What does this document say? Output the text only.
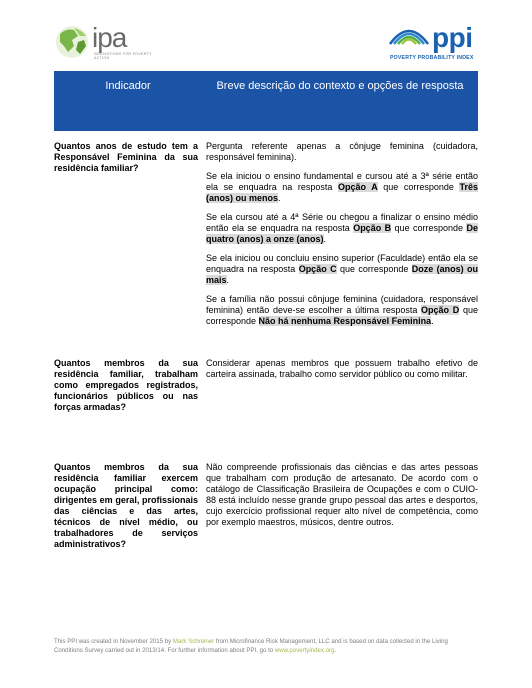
ipa
INNOVATIONS FOR POVERTY ACTION
ppi
POVERTY PROBABILITY INDEX
Indicador	Breve descrição do contexto e opções de resposta
Quantos anos de estudo tem a Responsável Feminina da sua residência familiar?

Pergunta referente apenas a cônjuge feminina (cuidadora, responsável feminina).

Se ela iniciou o ensino fundamental e cursou até a 3ª série então ela se enquadra na resposta Opção A que corresponde Três (anos) ou menos.

Se ela cursou até a 4ª Série ou chegou a finalizar o ensino médio então ela se enquadra na resposta Opção B que corresponde De quatro (anos) a onze (anos).

Se ela iniciou ou concluiu ensino superior (Faculdade) então ela se enquadra na resposta Opção C que corresponde Doze (anos) ou mais.

Se a família não possui cônjuge feminina (cuidadora, responsável feminina) então deve-se escolher a última resposta Opção D que corresponde Não há nenhuma Responsável Feminina.

Quantos membros da sua residência familiar, trabalham como empregados registrados, funcionários públicos ou nas forças armadas?

Considerar apenas membros que possuem trabalho efetivo de carteira assinada, trabalho como servidor público ou como militar.

Quantos membros da sua residência familiar exercem ocupação principal como: dirigentes em geral, profissionais das ciências e das artes, técnicos de nível médio, ou trabalhadores de serviços administrativos?

Não compreende profissionais das ciências e das artes pessoas que trabalham com produção de artesanato. De acordo com o catálogo de Classificação Brasileira de Ocupações e com o CUIO-88 está incluído nesse grande grupo pessoal das artes e desportos, cujo exercício profissional requer alto nível de competência, como por exemplo maestros, músicos, dentre outros.

This PPI was created in November 2015 by Mark Schreiner from Microfinance Risk Management, LLC and is based on data collected in the Living Conditions Survey carried out in 2013/14. For further information about PPI, go to www.povertyindex.org.
